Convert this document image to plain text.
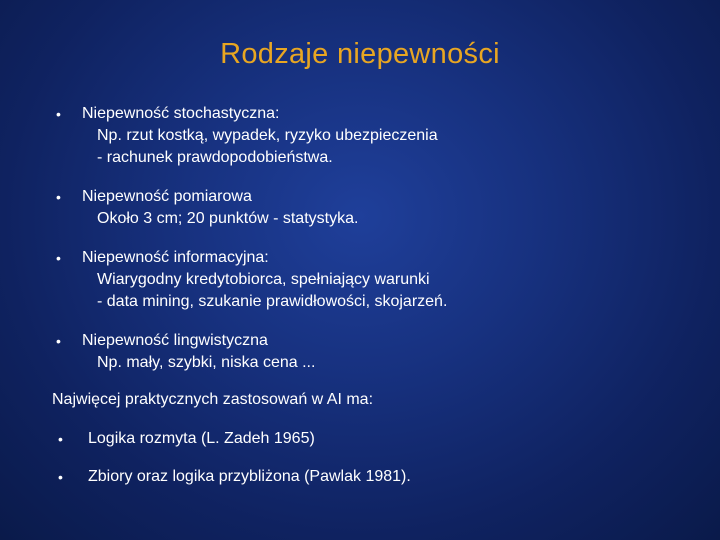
Rodzaje niepewności
• Niepewność stochastyczna:
Np. rzut kostką, wypadek, ryzyko ubezpieczenia
- rachunek prawdopodobieństwa.
• Niepewność pomiarowa
Około 3 cm; 20 punktów - statystyka.
• Niepewność informacyjna:
Wiarygodny kredytobiorca, spełniający warunki
- data mining, szukanie prawidłowości, skojarzeń.
• Niepewność lingwistyczna
Np. mały, szybki, niska cena ...
Najwięcej praktycznych zastosowań w AI ma:
• Logika rozmyta (L. Zadeh 1965)
• Zbiory oraz logika przybliżona (Pawlak 1981).
